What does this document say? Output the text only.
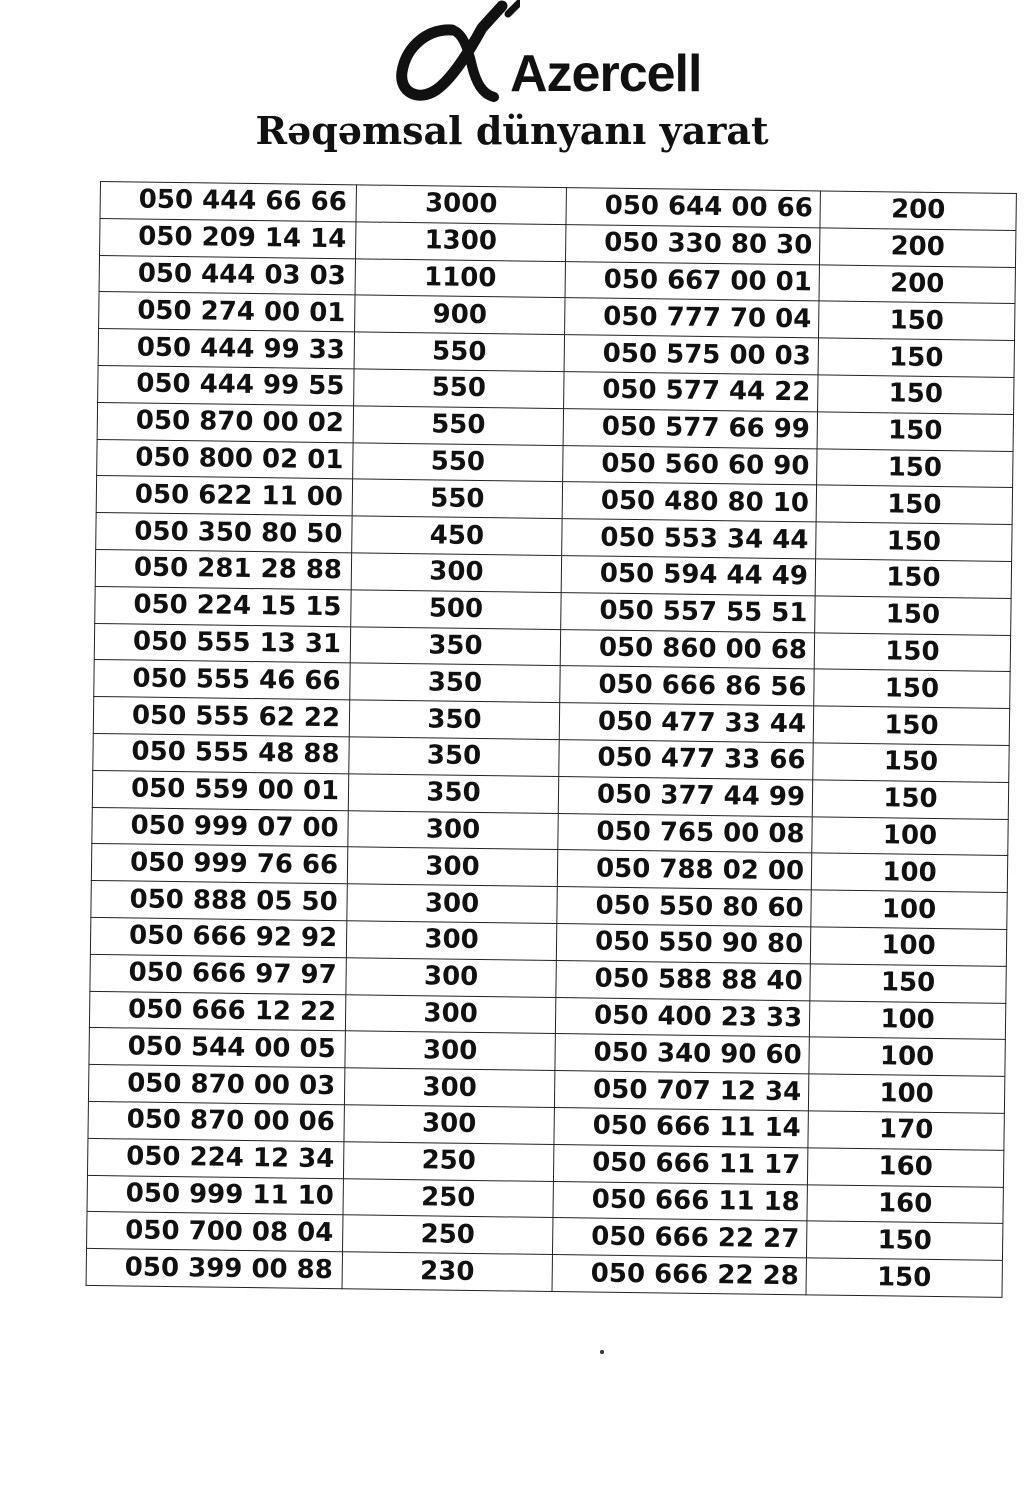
Azercell
Rəqəmsal dünyanı yarat
050 444 66 66	3000	050 644 00 66	200
050 209 14 14	1300	050 330 80 30	200
050 444 03 03	1100	050 667 00 01	200
050 274 00 01	900	050 777 70 04	150
050 444 99 33	550	050 575 00 03	150
050 444 99 55	550	050 577 44 22	150
050 870 00 02	550	050 577 66 99	150
050 800 02 01	550	050 560 60 90	150
050 622 11 00	550	050 480 80 10	150
050 350 80 50	450	050 553 34 44	150
050 281 28 88	300	050 594 44 49	150
050 224 15 15	500	050 557 55 51	150
050 555 13 31	350	050 860 00 68	150
050 555 46 66	350	050 666 86 56	150
050 555 62 22	350	050 477 33 44	150
050 555 48 88	350	050 477 33 66	150
050 559 00 01	350	050 377 44 99	150
050 999 07 00	300	050 765 00 08	100
050 999 76 66	300	050 788 02 00	100
050 888 05 50	300	050 550 80 60	100
050 666 92 92	300	050 550 90 80	100
050 666 97 97	300	050 588 88 40	150
050 666 12 22	300	050 400 23 33	100
050 544 00 05	300	050 340 90 60	100
050 870 00 03	300	050 707 12 34	100
050 870 00 06	300	050 666 11 14	170
050 224 12 34	250	050 666 11 17	160
050 999 11 10	250	050 666 11 18	160
050 700 08 04	250	050 666 22 27	150
050 399 00 88	230	050 666 22 28	150
